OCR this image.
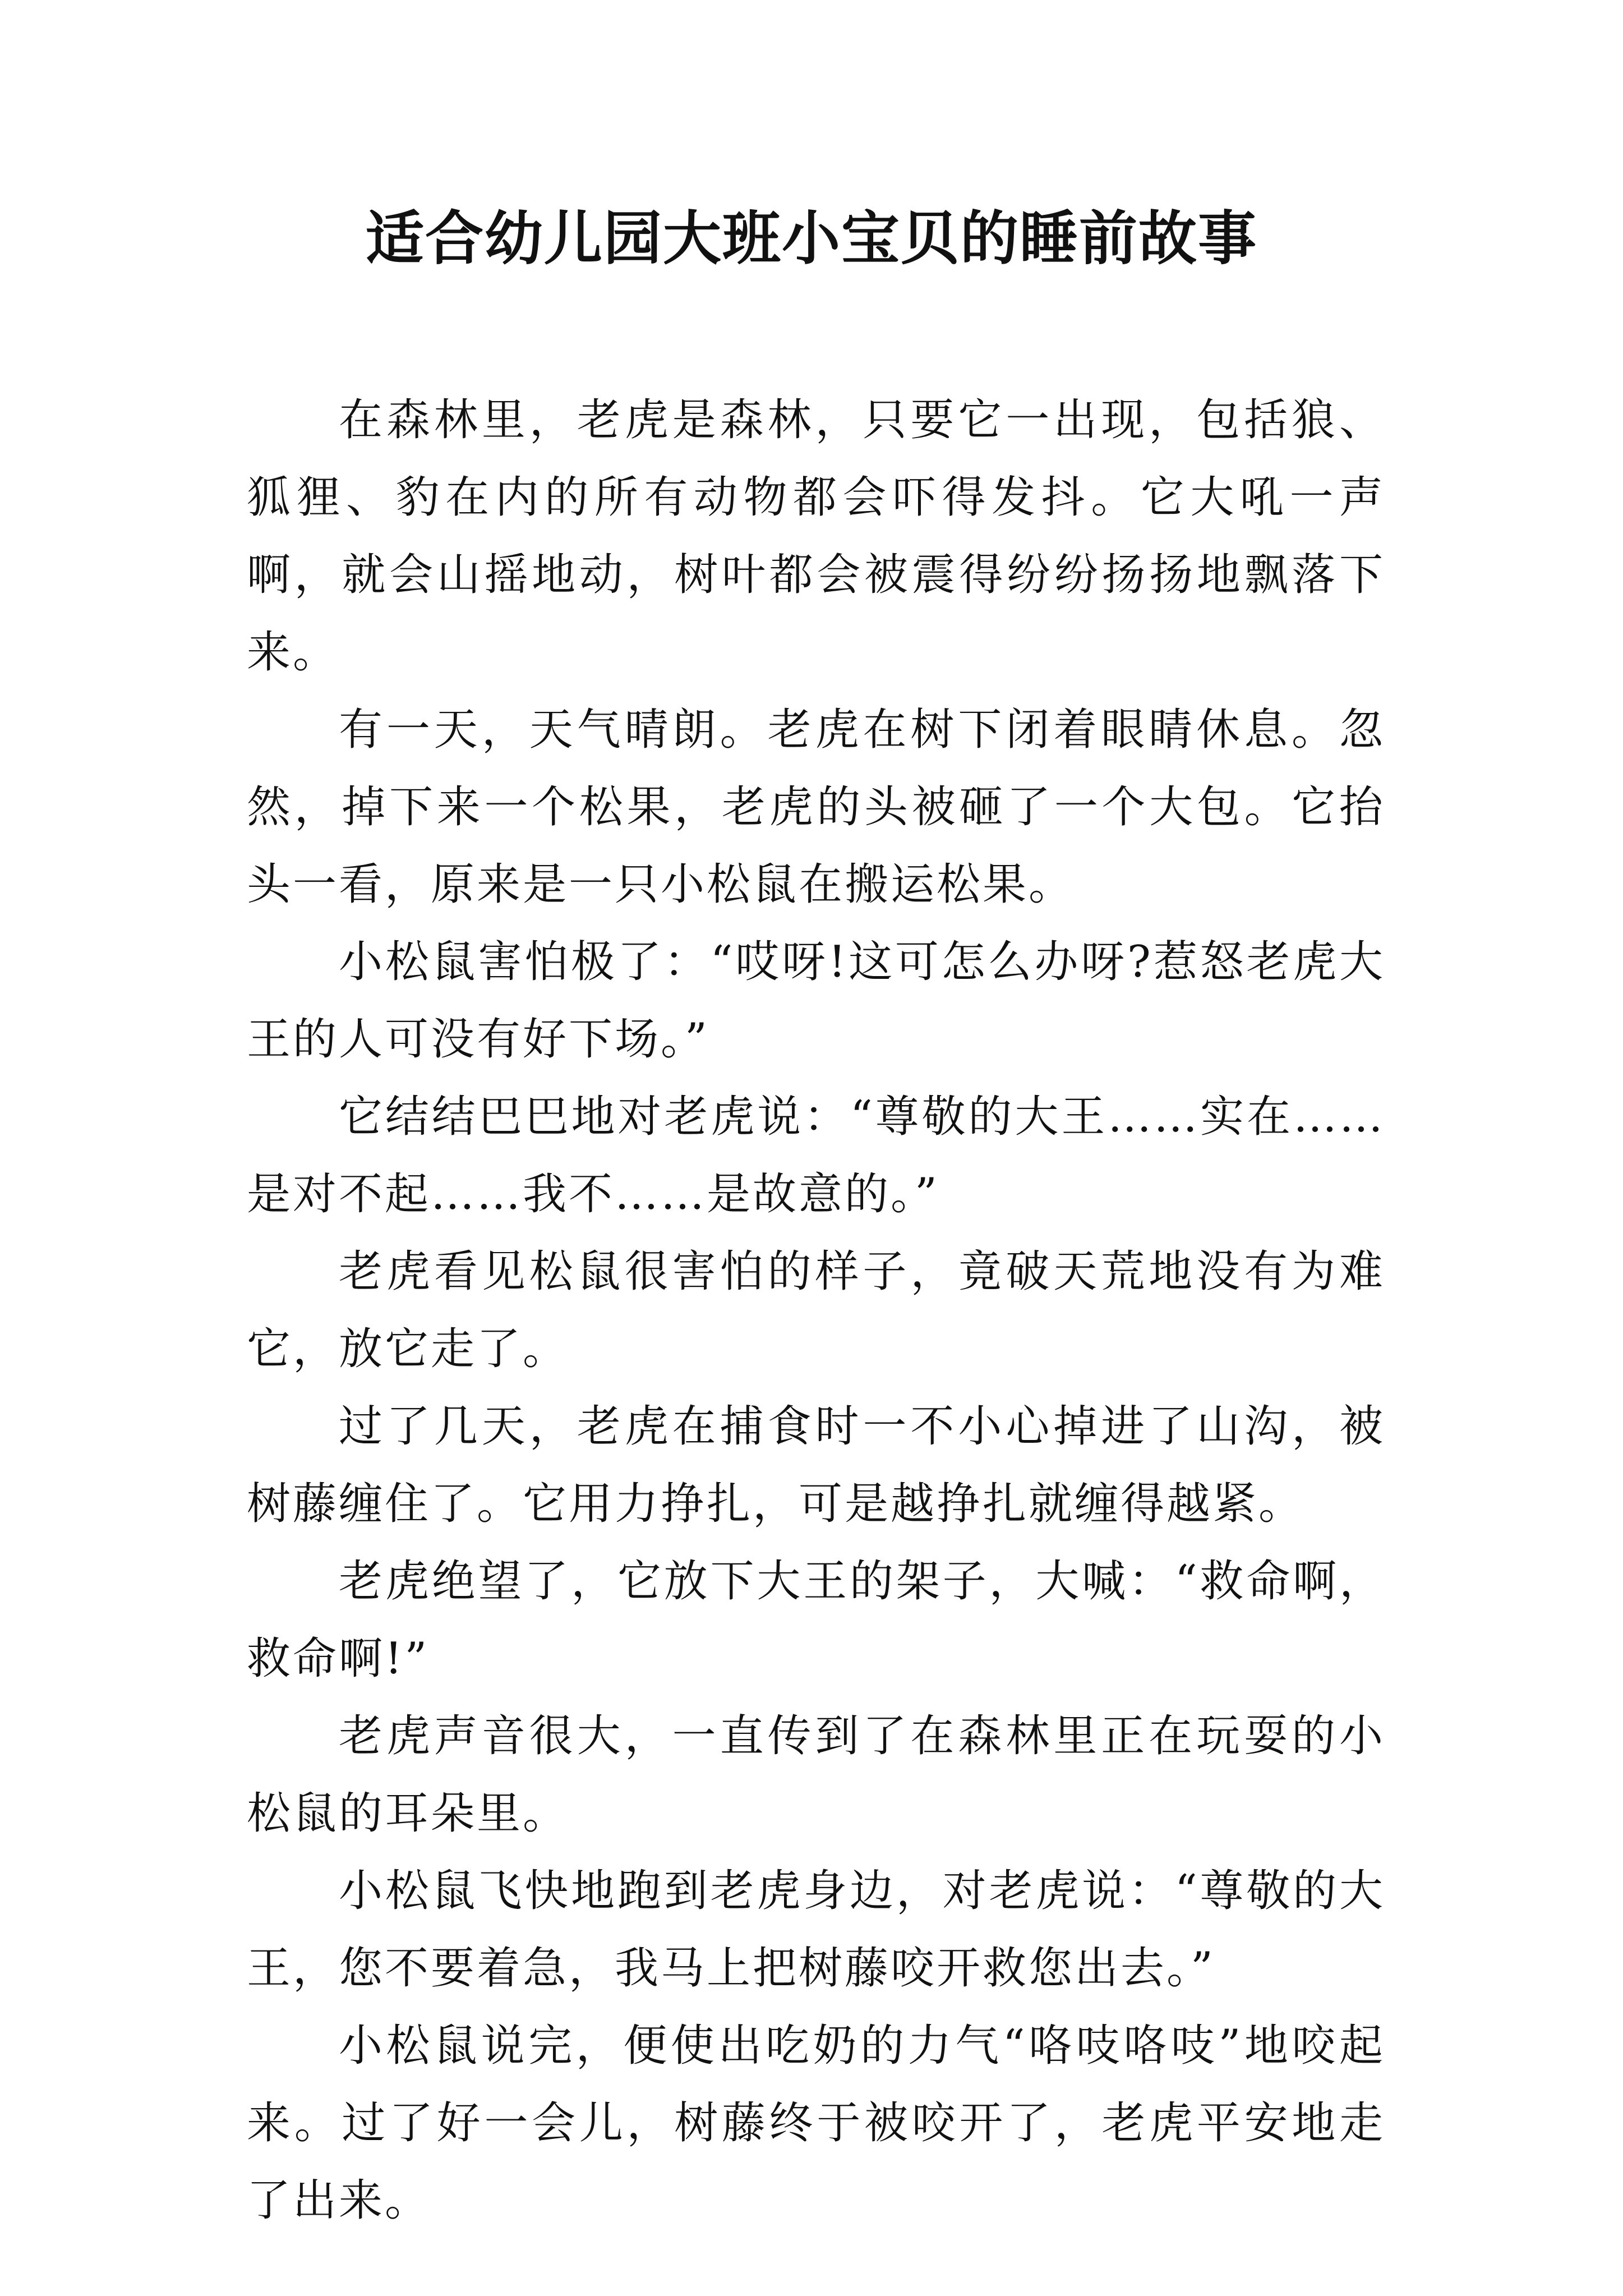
适合幼儿园大班小宝贝的睡前故事

在森林里，老虎是森林，只要它一出现，包括狼、狐狸、豹在内的所有动物都会吓得发抖。它大吼一声啊，就会山摇地动，树叶都会被震得纷纷扬扬地飘落下来。

有一天，天气晴朗。老虎在树下闭着眼睛休息。忽然，掉下来一个松果，老虎的头被砸了一个大包。它抬头一看，原来是一只小松鼠在搬运松果。

小松鼠害怕极了：“哎呀!这可怎么办呀?惹怒老虎大王的人可没有好下场。”

它结结巴巴地对老虎说：“尊敬的大王……实在……是对不起……我不……是故意的。”

老虎看见松鼠很害怕的样子，竟破天荒地没有为难它，放它走了。

过了几天，老虎在捕食时一不小心掉进了山沟，被树藤缠住了。它用力挣扎，可是越挣扎就缠得越紧。

老虎绝望了，它放下大王的架子，大喊：“救命啊，救命啊!”

老虎声音很大，一直传到了在森林里正在玩耍的小松鼠的耳朵里。

小松鼠飞快地跑到老虎身边，对老虎说：“尊敬的大王，您不要着急，我马上把树藤咬开救您出去。”

小松鼠说完，便使出吃奶的力气“咯吱咯吱”地咬起来。过了好一会儿，树藤终于被咬开了，老虎平安地走了出来。
